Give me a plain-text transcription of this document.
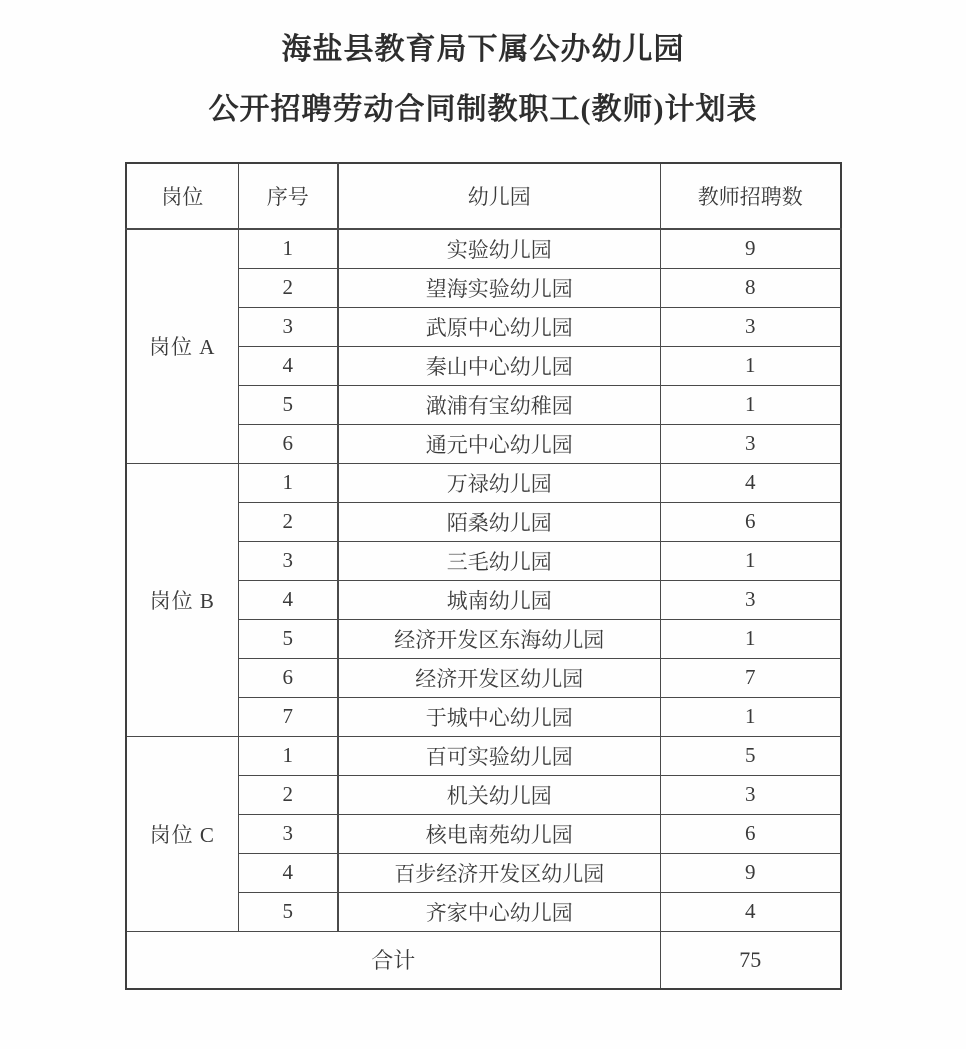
海盐县教育局下属公办幼儿园
公开招聘劳动合同制教职工(教师)计划表
岗位	序号	幼儿园	教师招聘数
岗位 A	1	实验幼儿园	9
	2	望海实验幼儿园	8
	3	武原中心幼儿园	3
	4	秦山中心幼儿园	1
	5	澉浦有宝幼稚园	1
	6	通元中心幼儿园	3
岗位 B	1	万禄幼儿园	4
	2	陌桑幼儿园	6
	3	三毛幼儿园	1
	4	城南幼儿园	3
	5	经济开发区东海幼儿园	1
	6	经济开发区幼儿园	7
	7	于城中心幼儿园	1
岗位 C	1	百可实验幼儿园	5
	2	机关幼儿园	3
	3	核电南苑幼儿园	6
	4	百步经济开发区幼儿园	9
	5	齐家中心幼儿园	4
合计			75
